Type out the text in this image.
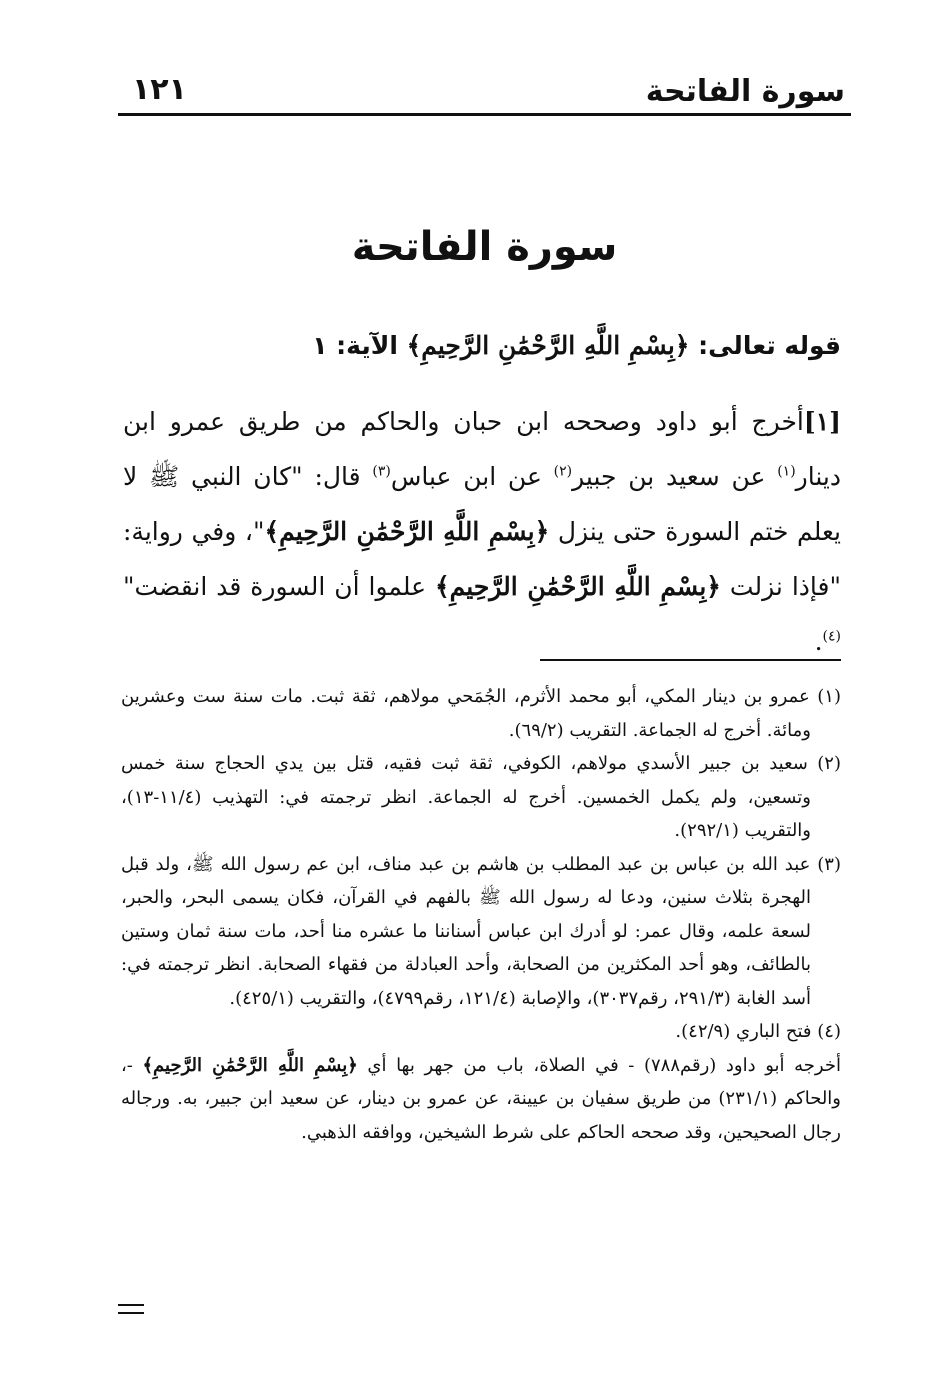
سورة الفاتحة
١٢١
سورة الفاتحة
قوله تعالى: ﴿بِسْمِ اللَّهِ الرَّحْمَٰنِ الرَّحِيمِ﴾ الآية: ١

[١]أخرج أبو داود وصححه ابن حبان والحاكم من طريق عمرو ابن دينار$^{(١)}$ عن سعيد بن جبير$^{(٢)}$ عن ابن عباس$^{(٣)}$ قال: "كان النبي ﷺ لا يعلم ختم السورة حتى ينزل ﴿بِسْمِ اللَّهِ الرَّحْمَٰنِ الرَّحِيمِ﴾"، وفي رواية: "فإذا نزلت ﴿بِسْمِ اللَّهِ الرَّحْمَٰنِ الرَّحِيمِ﴾ علموا أن السورة قد انقضت"$^{(٤)}$.

(١) عمرو بن دينار المكي، أبو محمد الأثرم، الجُمَحي مولاهم، ثقة ثبت. مات سنة ست وعشرين ومائة. أخرج له الجماعة. التقريب (٦٩/٢).

(٢) سعيد بن جبير الأسدي مولاهم، الكوفي، ثقة ثبت فقيه، قتل بين يدي الحجاج سنة خمس وتسعين، ولم يكمل الخمسين. أخرج له الجماعة. انظر ترجمته في: التهذيب (١١/٤-١٣)، والتقريب (٢٩٢/١).

(٣) عبد الله بن عباس بن عبد المطلب بن هاشم بن عبد مناف، ابن عم رسول الله ﷺ، ولد قبل الهجرة بثلاث سنين، ودعا له رسول الله ﷺ بالفهم في القرآن، فكان يسمى البحر، والحبر، لسعة علمه، وقال عمر: لو أدرك ابن عباس أسناننا ما عشره منا أحد، مات سنة ثمان وستين بالطائف، وهو أحد المكثرين من الصحابة، وأحد العبادلة من فقهاء الصحابة. انظر ترجمته في: أسد الغابة (٢٩١/٣، رقم٣٠٣٧)، والإصابة (١٢١/٤، رقم٤٧٩٩)، والتقريب (٤٢٥/١).

(٤) فتح الباري (٤٢/٩).

أخرجه أبو داود (رقم٧٨٨) - في الصلاة، باب من جهر بها أي ﴿بِسْمِ اللَّهِ الرَّحْمَٰنِ الرَّحِيمِ﴾ -، والحاكم (٢٣١/١) من طريق سفيان بن عيينة، عن عمرو بن دينار، عن سعيد ابن جبير، به. ورجاله رجال الصحيحين، وقد صححه الحاكم على شرط الشيخين، ووافقه الذهبي.
